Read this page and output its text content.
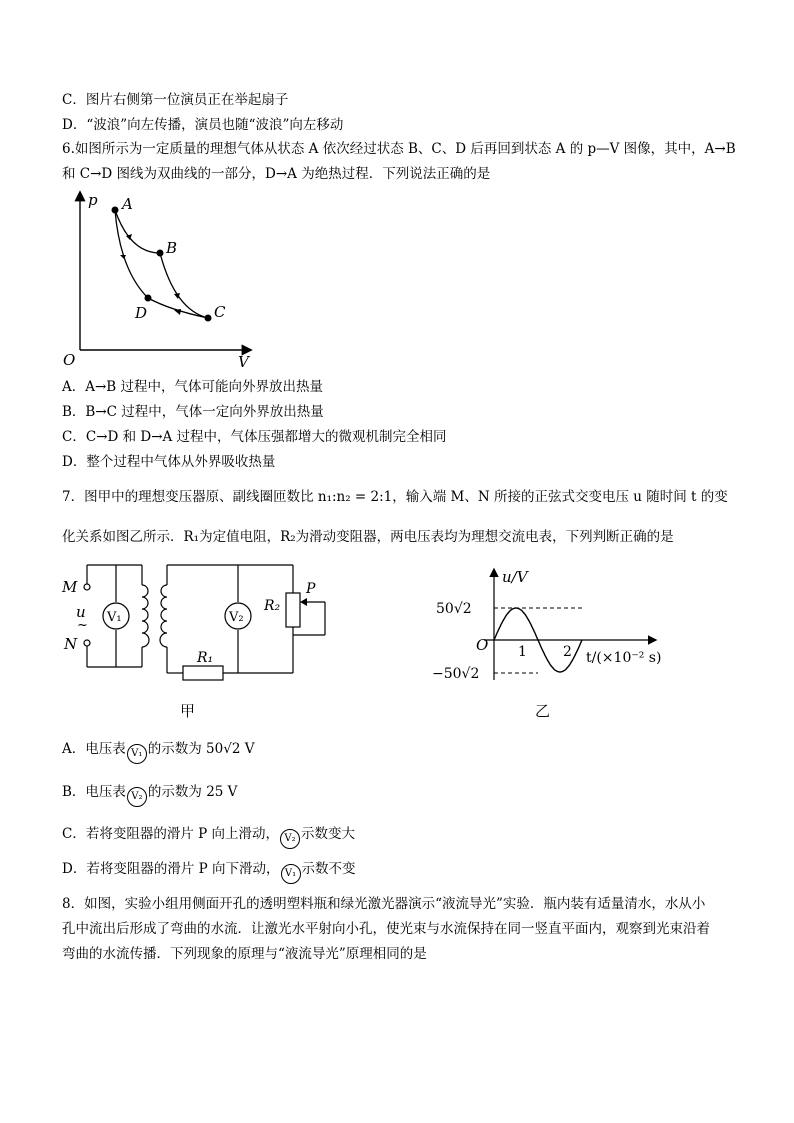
C．图片右侧第一位演员正在举起扇子
D．“波浪”向左传播，演员也随“波浪”向左移动
6.如图所示为一定质量的理想气体从状态 A 依次经过状态 B、C、D 后再回到状态 A 的 p—V 图像，其中，A→B
和 C→D 图线为双曲线的一部分，D→A 为绝热过程．下列说法正确的是
p
V
O
A
B
C
D
A．A→B 过程中，气体可能向外界放出热量
B．B→C 过程中，气体一定向外界放出热量
C．C→D 和 D→A 过程中，气体压强都增大的微观机制完全相同
D．整个过程中气体从外界吸收热量
7．图甲中的理想变压器原、副线圈匝数比 n₁:n₂ = 2:1，输入端 M、N 所接的正弦式交变电压 u 随时间 t 的变
化关系如图乙所示．R₁为定值电阻，R₂为滑动变阻器，两电压表均为理想交流电表，下列判断正确的是
M
u
~
N
V₁	V₂
R₁
R₂
P
甲
u/V
50√2
−50√2
O 1	2 t/(×10⁻² s)
乙
A．电压表 V₁ 的示数为 50√2 V
B．电压表 V₂ 的示数为 25 V
C．若将变阻器的滑片 P 向上滑动， V₂ 示数变大
D．若将变阻器的滑片 P 向下滑动， V₁ 示数不变
8．如图，实验小组用侧面开孔的透明塑料瓶和绿光激光器演示“液流导光”实验．瓶内装有适量清水，水从小
孔中流出后形成了弯曲的水流．让激光水平射向小孔，使光束与水流保持在同一竖直平面内，观察到光束沿着
弯曲的水流传播．下列现象的原理与“液流导光”原理相同的是
